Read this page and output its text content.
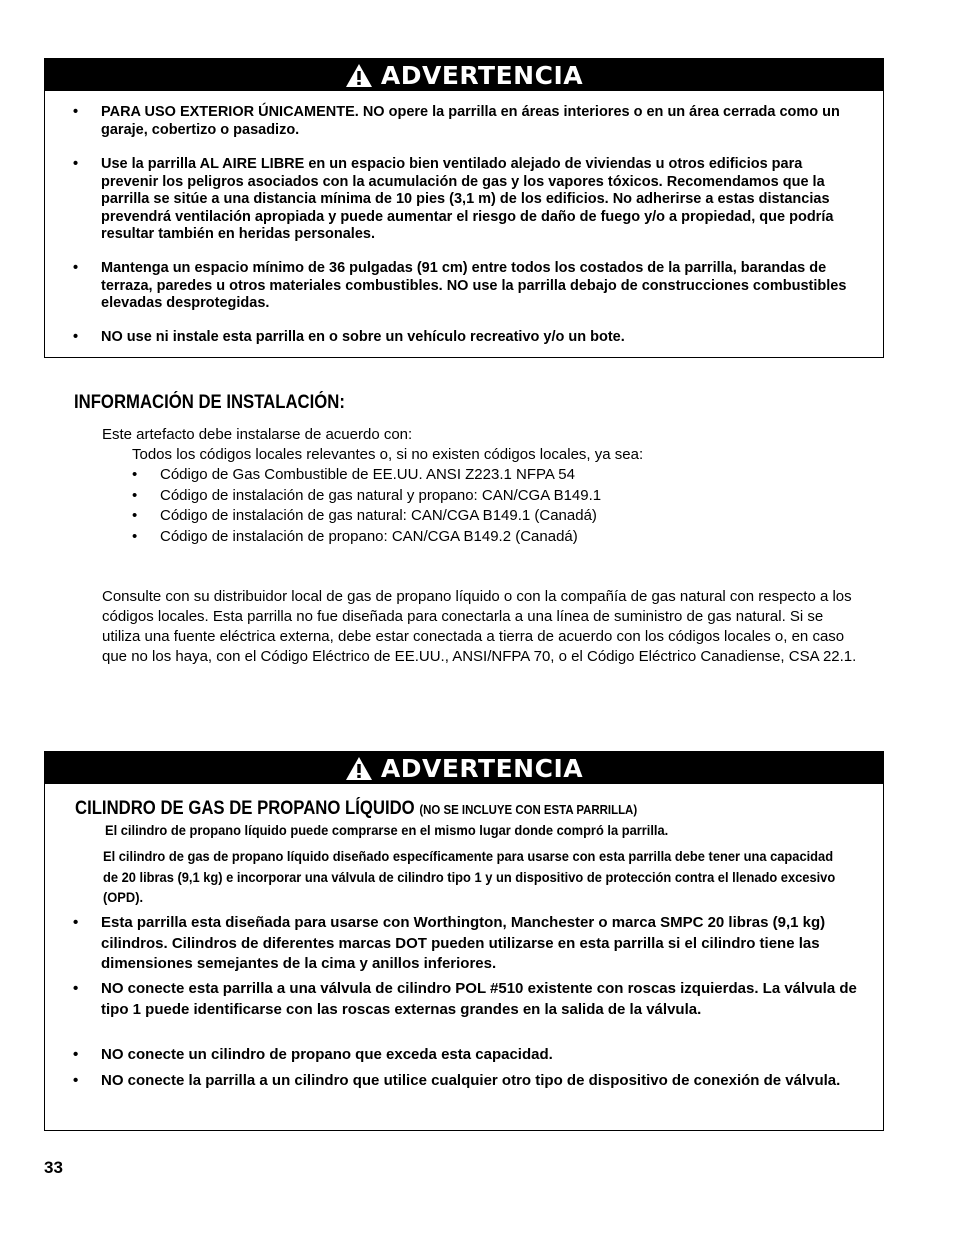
ADVERTENCIA
• PARA USO EXTERIOR ÚNICAMENTE. NO opere la parrilla en áreas interiores o en un área cerrada como un garaje, cobertizo o pasadizo.
• Use la parrilla AL AIRE LIBRE en un espacio bien ventilado alejado de viviendas u otros edificios para prevenir los peligros asociados con la acumulación de gas y los vapores tóxicos. Recomendamos que la parrilla se sitúe a una distancia mínima de 10 pies (3,1 m) de los edificios. No adherirse a estas distancias prevendrá ventilación apropiada y puede aumentar el riesgo de daño de fuego y/o a propiedad, que podría resultar también en heridas personales.
• Mantenga un espacio mínimo de 36 pulgadas (91 cm) entre todos los costados de la parrilla, barandas de terraza, paredes u otros materiales combustibles. NO use la parrilla debajo de construcciones combustibles elevadas desprotegidas.
• NO use ni instale esta parrilla en o sobre un vehículo recreativo y/o un bote.
INFORMACIÓN DE INSTALACIÓN:
Este artefacto debe instalarse de acuerdo con:
Todos los códigos locales relevantes o, si no existen códigos locales, ya sea:
• Código de Gas Combustible de EE.UU. ANSI Z223.1 NFPA 54
• Código de instalación de gas natural y propano: CAN/CGA B149.1
• Código de instalación de gas natural: CAN/CGA B149.1 (Canadá)
• Código de instalación de propano: CAN/CGA B149.2 (Canadá)
Consulte con su distribuidor local de gas de propano líquido o con la compañía de gas natural con respecto a los códigos locales. Esta parrilla no fue diseñada para conectarla a una línea de suministro de gas natural. Si se utiliza una fuente eléctrica externa, debe estar conectada a tierra de acuerdo con los códigos locales o, en caso que no los haya, con el Código Eléctrico de EE.UU., ANSI/NFPA 70, o el Código Eléctrico Canadiense, CSA 22.1.
ADVERTENCIA
CILINDRO DE GAS DE PROPANO LÍQUIDO (NO SE INCLUYE CON ESTA PARRILLA)
El cilindro de propano líquido puede comprarse en el mismo lugar donde compró la parrilla.
El cilindro de gas de propano líquido diseñado específicamente para usarse con esta parrilla debe tener una capacidad de 20 libras (9,1 kg) e incorporar una válvula de cilindro tipo 1 y un dispositivo de protección contra el llenado excesivo (OPD).
• Esta parrilla esta diseñada para usarse con Worthington, Manchester o marca SMPC 20 libras (9,1 kg) cilindros. Cilindros de diferentes marcas DOT pueden utilizarse en esta parrilla si el cilindro tiene las dimensiones semejantes de la cima y anillos inferiores.
• NO conecte esta parrilla a una válvula de cilindro POL #510 existente con roscas izquierdas. La válvula de tipo 1 puede identificarse con las roscas externas grandes en la salida de la válvula.
• NO conecte un cilindro de propano que exceda esta capacidad.
• NO conecte la parrilla a un cilindro que utilice cualquier otro tipo de dispositivo de conexión de válvula.
33
